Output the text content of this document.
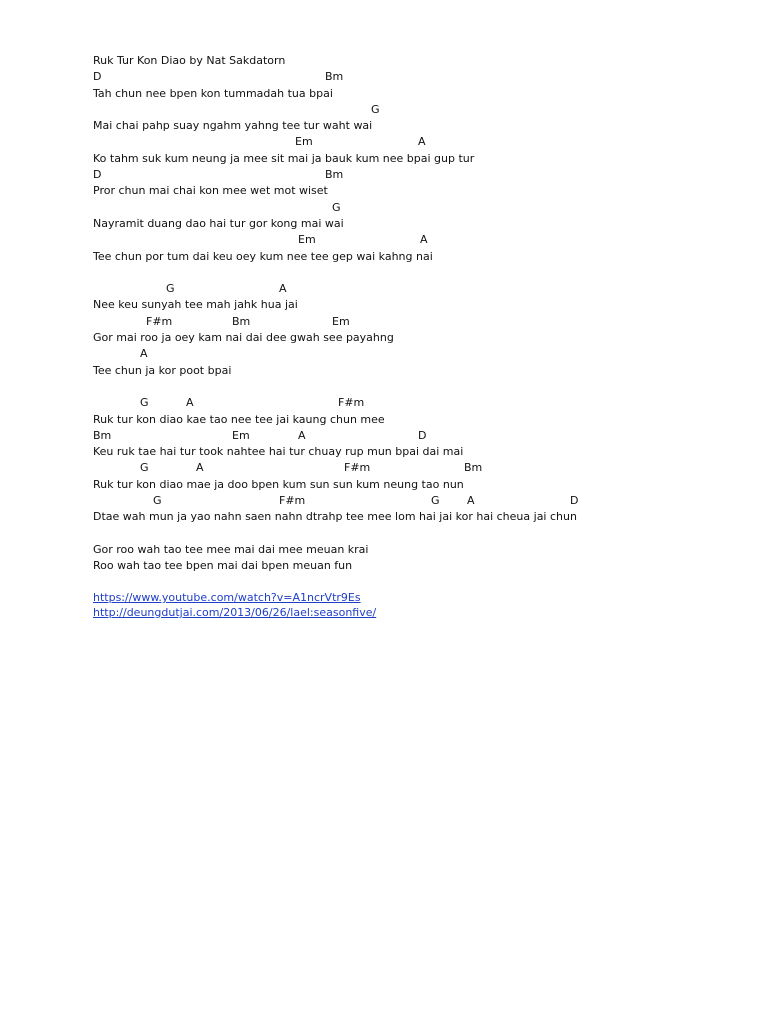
Ruk Tur Kon Diao by Nat Sakdatorn

D	Bm
Tah chun nee bpen kon tummadah tua bpai
G
Mai chai pahp suay ngahm yahng tee tur waht wai
Em	A
Ko tahm suk kum neung ja mee sit mai ja bauk kum nee bpai gup tur
D	Bm
Pror chun mai chai kon mee wet mot wiset
G
Nayramit duang dao hai tur gor kong mai wai
Em	A
Tee chun por tum dai keu oey kum nee tee gep wai kahng nai
G	A
Nee keu sunyah tee mah jahk hua jai
F#m	Bm	Em
Gor mai roo ja oey kam nai dai dee gwah see payahng
A
Tee chun ja kor poot bpai
G	A	F#m
Ruk tur kon diao kae tao nee tee jai kaung chun mee
Bm	Em	A	D
Keu ruk tae hai tur took nahtee hai tur chuay rup mun bpai dai mai
G	A	F#m	Bm
Ruk tur kon diao mae ja doo bpen kum sun sun kum neung tao nun
G	F#m	G A	D
Dtae wah mun ja yao nahn saen nahn dtrahp tee mee lom hai jai kor hai cheua jai chun
Gor roo wah tao tee mee mai dai mee meuan krai
Roo wah tao tee bpen mai dai bpen meuan fun
https://www.youtube.com/watch?v=A1ncrVtr9Es
http://deungdutjai.com/2013/06/26/lael:seasonfive/
